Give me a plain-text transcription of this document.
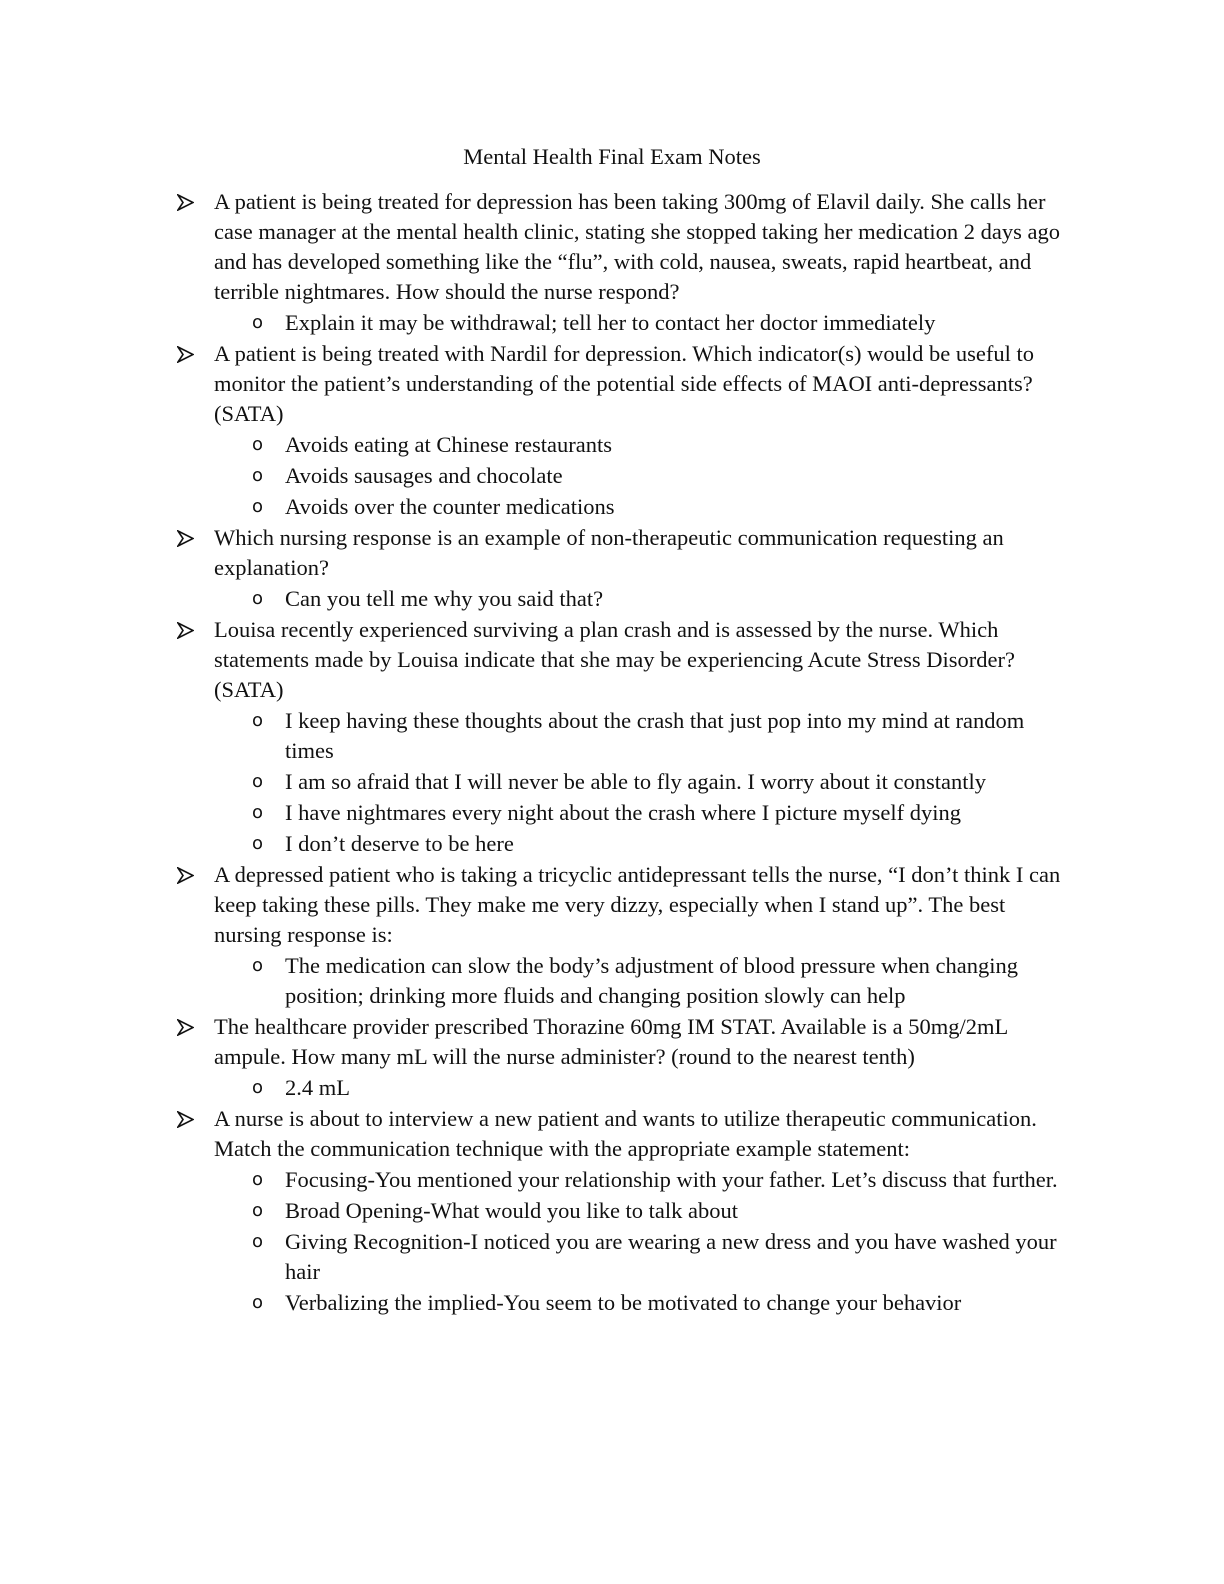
Mental Health Final Exam Notes
A patient is being treated for depression has been taking 300mg of Elavil daily. She calls her case manager at the mental health clinic, stating she stopped taking her medication 2 days ago and has developed something like the “flu”, with cold, nausea, sweats, rapid heartbeat, and terrible nightmares. How should the nurse respond?
o Explain it may be withdrawal; tell her to contact her doctor immediately
A patient is being treated with Nardil for depression. Which indicator(s) would be useful to monitor the patient’s understanding of the potential side effects of MAOI anti-depressants? (SATA)
o Avoids eating at Chinese restaurants
o Avoids sausages and chocolate
o Avoids over the counter medications
Which nursing response is an example of non-therapeutic communication requesting an explanation?
o Can you tell me why you said that?
Louisa recently experienced surviving a plan crash and is assessed by the nurse. Which statements made by Louisa indicate that she may be experiencing Acute Stress Disorder? (SATA)
o I keep having these thoughts about the crash that just pop into my mind at random times
o I am so afraid that I will never be able to fly again. I worry about it constantly
o I have nightmares every night about the crash where I picture myself dying
o I don’t deserve to be here
A depressed patient who is taking a tricyclic antidepressant tells the nurse, “I don’t think I can keep taking these pills. They make me very dizzy, especially when I stand up”. The best nursing response is:
o The medication can slow the body’s adjustment of blood pressure when changing position; drinking more fluids and changing position slowly can help
The healthcare provider prescribed Thorazine 60mg IM STAT. Available is a 50mg/2mL ampule. How many mL will the nurse administer? (round to the nearest tenth)
o 2.4 mL
A nurse is about to interview a new patient and wants to utilize therapeutic communication. Match the communication technique with the appropriate example statement:
o Focusing-You mentioned your relationship with your father. Let’s discuss that further.
o Broad Opening-What would you like to talk about
o Giving Recognition-I noticed you are wearing a new dress and you have washed your hair
o Verbalizing the implied-You seem to be motivated to change your behavior
